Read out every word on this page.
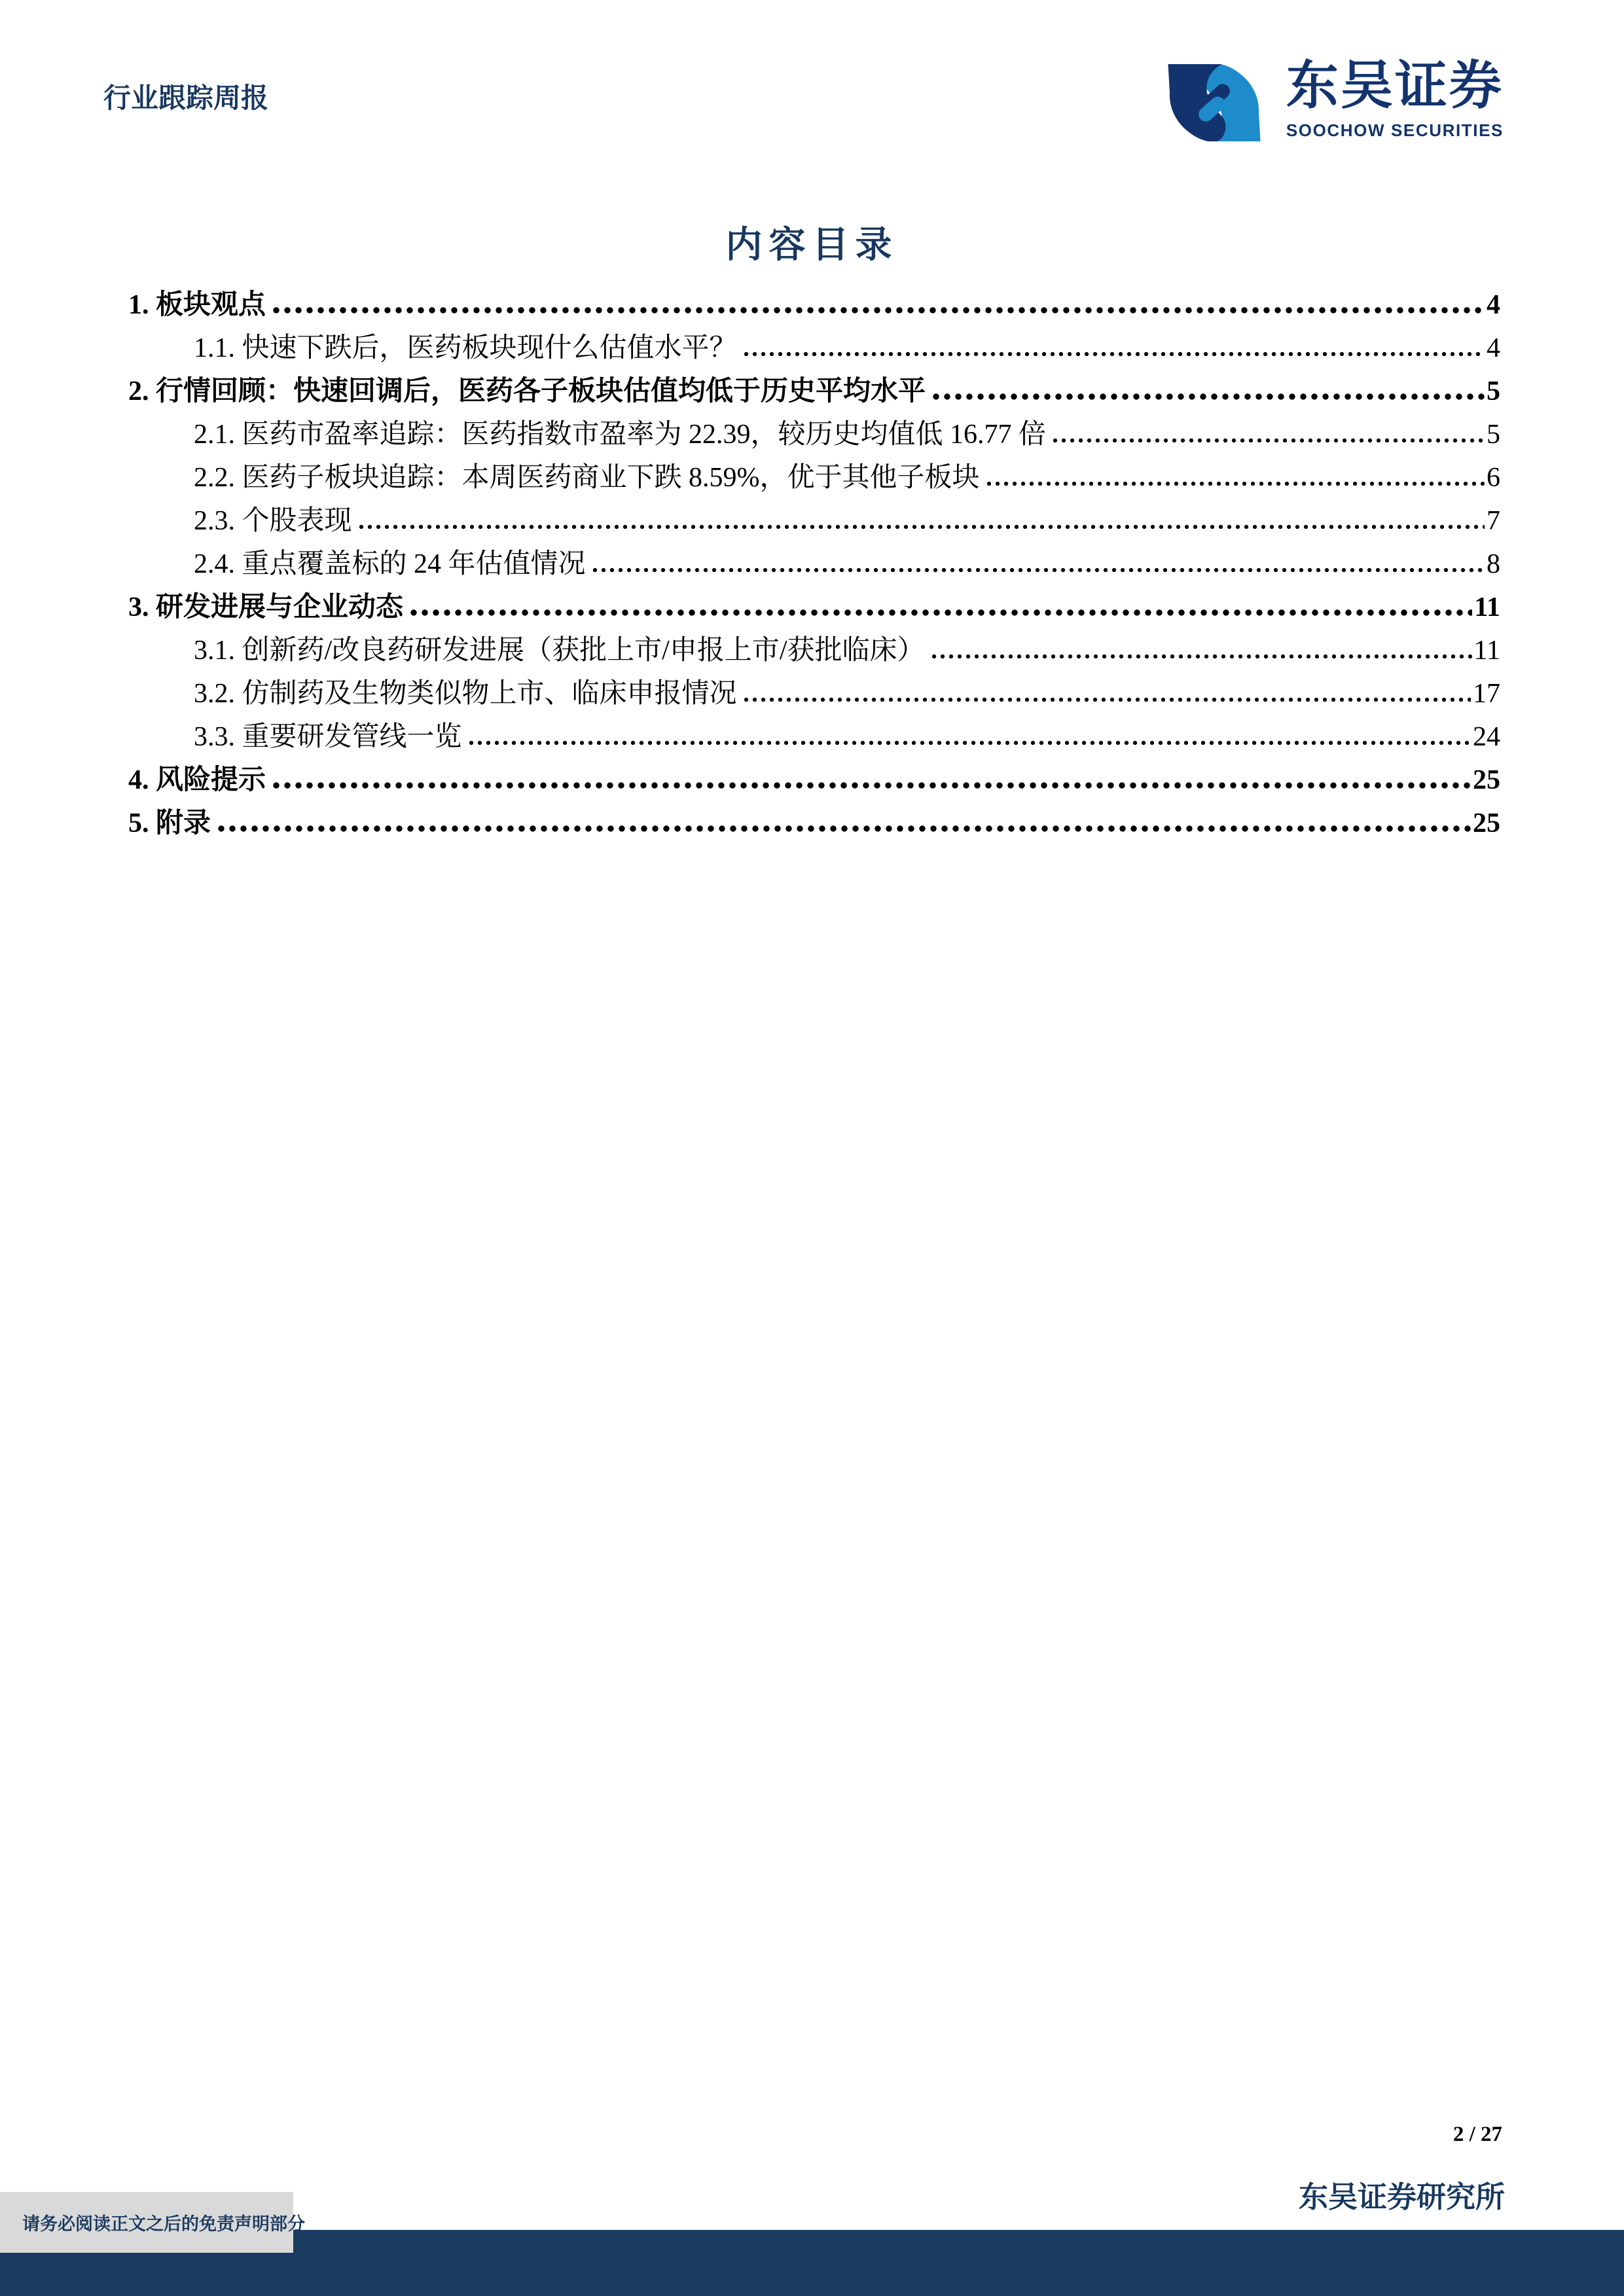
行业跟踪周报	东吴证券
SOOCHOW SECURITIES
内容目录
1. 板块观点	4
1.1. 快速下跌后，医药板块现什么估值水平？	4
2. 行情回顾：快速回调后，医药各子板块估值均低于历史平均水平	5
2.1. 医药市盈率追踪：医药指数市盈率为 22.39，较历史均值低 16.77 倍	5
2.2. 医药子板块追踪：本周医药商业下跌 8.59%，优于其他子板块	6
2.3. 个股表现	7
2.4. 重点覆盖标的 24 年估值情况	8
3. 研发进展与企业动态	11
3.1. 创新药/改良药研发进展（获批上市/申报上市/获批临床）	11
3.2. 仿制药及生物类似物上市、临床申报情况	17
3.3. 重要研发管线一览	24
4. 风险提示	25
5. 附录	25
2 / 27
东吴证券研究所
请务必阅读正文之后的免责声明部分
